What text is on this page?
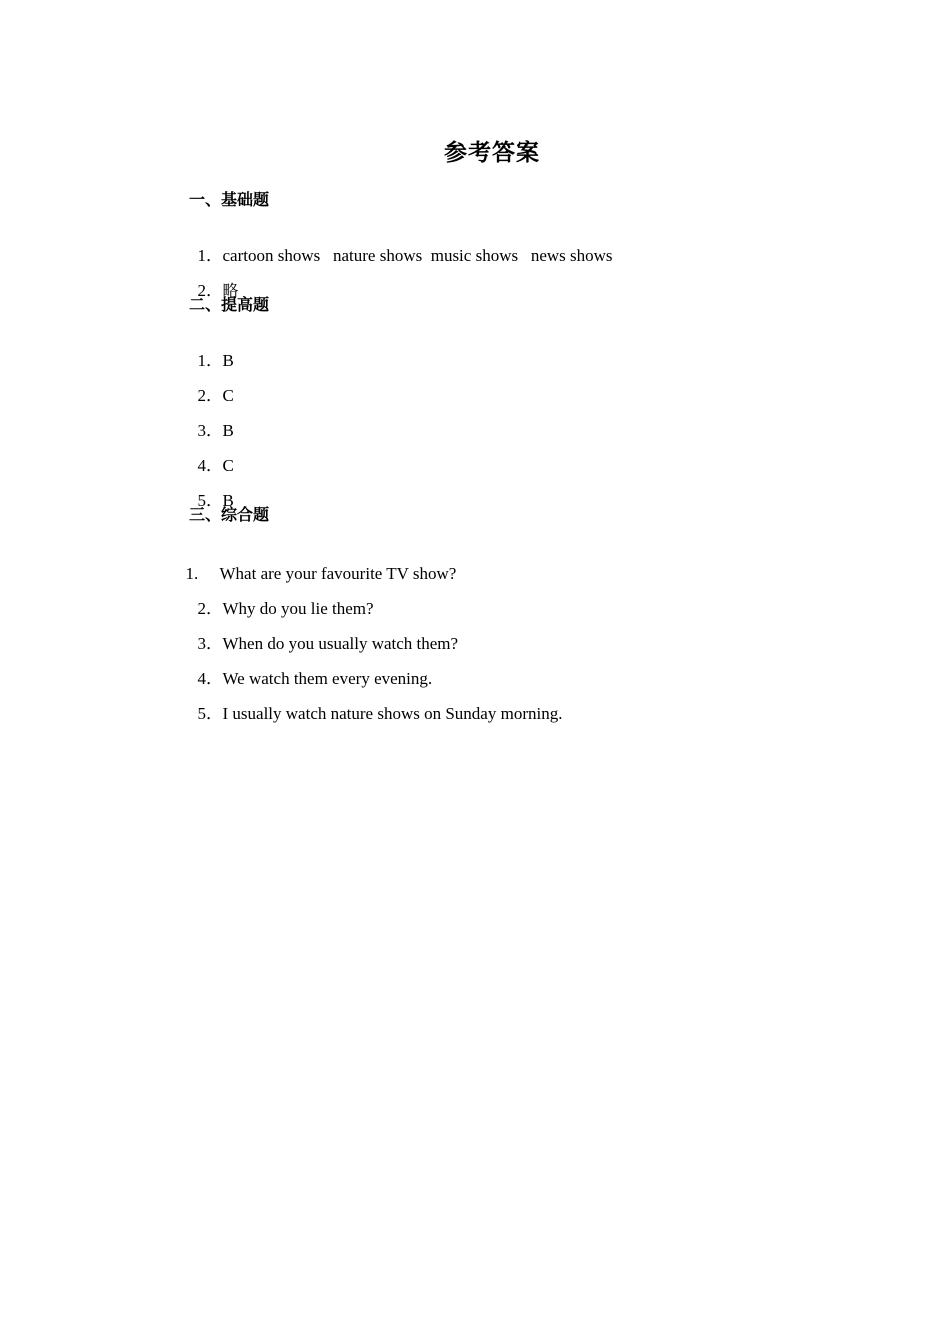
参考答案
一、基础题

1．cartoon shows   nature shows  music shows   news shows

2．略

二、提高题

1．B

2．C

3．B

4．C

5．B

三、综合题

1. What are your favourite TV show?

2．Why do you lie them?

3．When do you usually watch them?

4．We watch them every evening.

5．I usually watch nature shows on Sunday morning.
